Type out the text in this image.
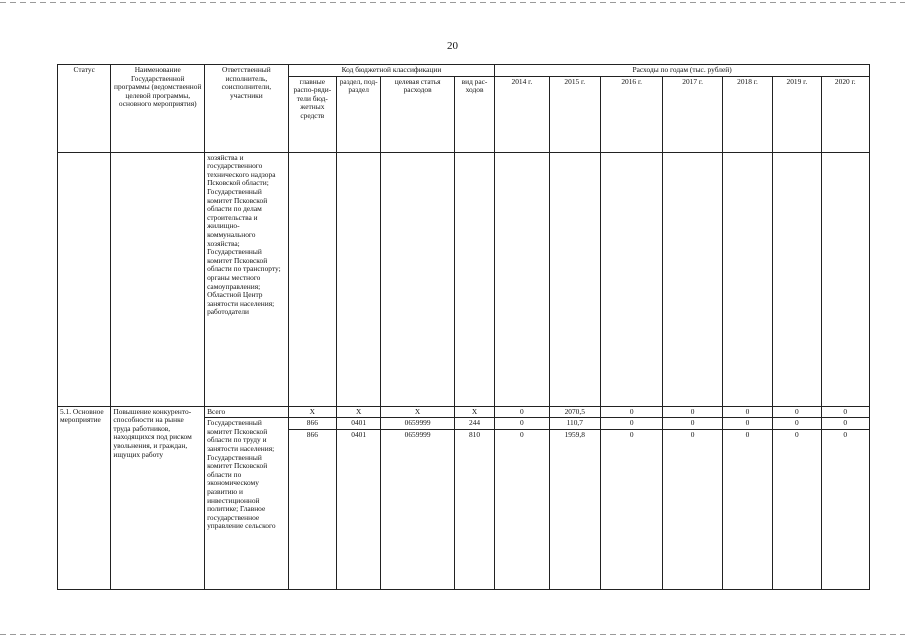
20
Статус	Наименование Государственной программы (ведомственной целевой программы, основного мероприятия)	Ответственный исполнитель, соисполнители, участники	Код бюджетной классификации				Расходы по годам (тыс. рублей)						
			главные распо-ряди-тели бюд-жетных средств	раздел, под-раздел	целевая статья расходов	вид рас-ходов	2014 г.	2015 г.	2016 г.	2017 г.	2018 г.	2019 г.	2020 г.
		хозяйства и государственного технического надзора Псковской области; Государственный комитет Псковской области по делам строительства и жилищно-коммунального хозяйства; Государственный комитет Псковской области по транспорту; органы местного самоуправления; Областной Центр занятости населения; работодатели											
5.1. Основное мероприятие	Повышение конкуренто-способности на рынке труда работников, находящихся под риском увольнения, и граждан, ищущих работу	Всего	Х	Х	Х	Х	0	2070,5	0	0	0	0	0
		Государственный комитет Псковской области по труду и занятости населения; Государственный комитет Псковской области по экономическому развитию и инвестиционной политике; Главное государственное управление сельского	866	0401	0659999	244	0	110,7	0	0	0	0	0
			866	0401	0659999	810	0	1959,8	0	0	0	0	0
